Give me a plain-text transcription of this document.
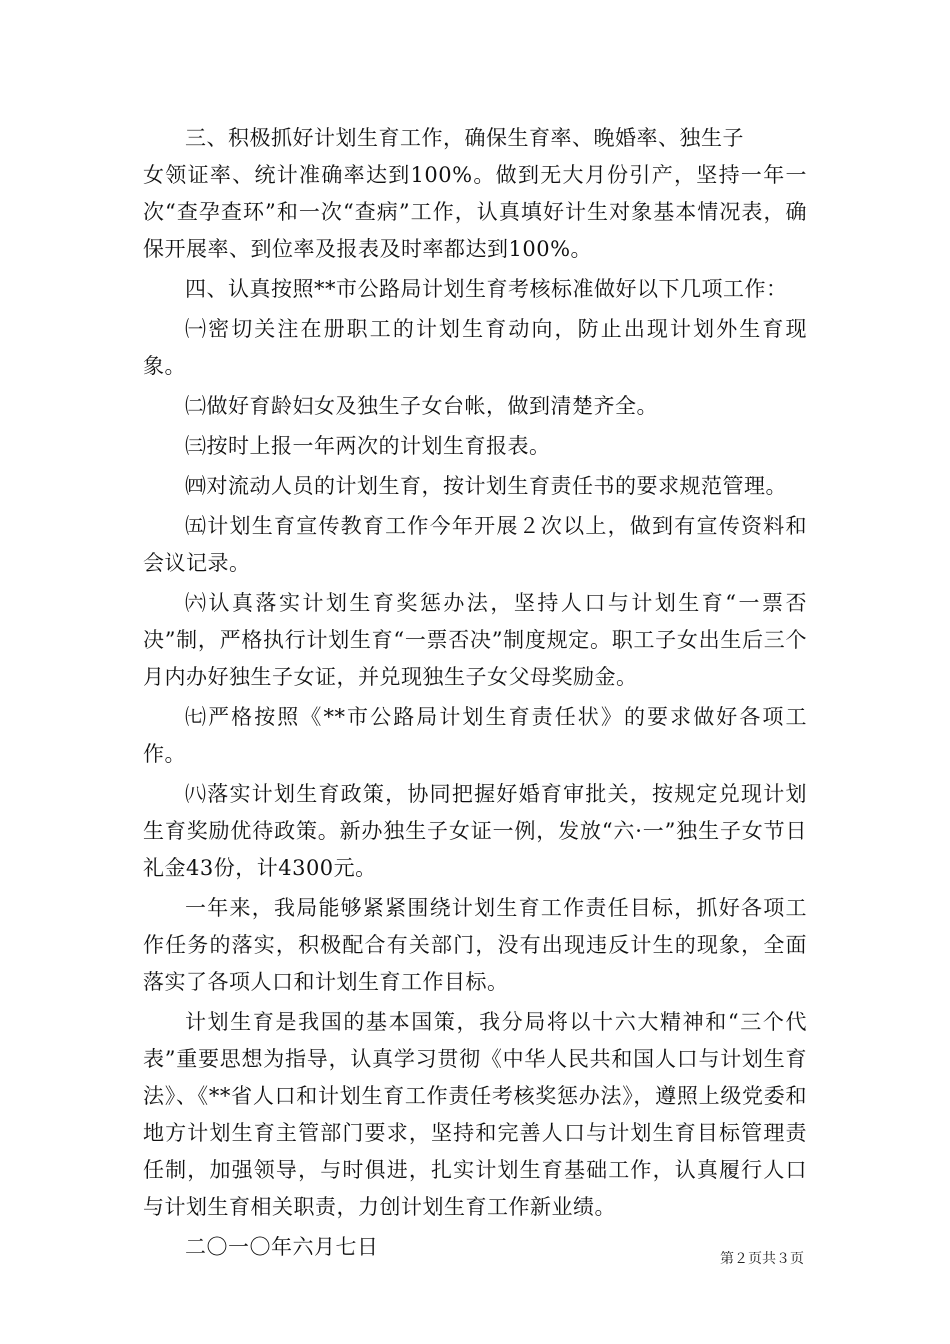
三、积极抓好计划生育工作，确保生育率、晚婚率、独生子

女领证率、统计准确率达到100%。做到无大月份引产，坚持一年一次“查孕查环”和一次“查病”工作，认真填好计生对象基本情况表，确保开展率、到位率及报表及时率都达到100%。

四、认真按照**市公路局计划生育考核标准做好以下几项工作：

㈠密切关注在册职工的计划生育动向，防止出现计划外生育现象。

㈡做好育龄妇女及独生子女台帐，做到清楚齐全。

㈢按时上报一年两次的计划生育报表。

㈣对流动人员的计划生育，按计划生育责任书的要求规范管理。

㈤计划生育宣传教育工作今年开展２次以上，做到有宣传资料和会议记录。

㈥认真落实计划生育奖惩办法，坚持人口与计划生育“一票否决”制，严格执行计划生育“一票否决”制度规定。职工子女出生后三个月内办好独生子女证，并兑现独生子女父母奖励金。

㈦严格按照《**市公路局计划生育责任状》的要求做好各项工作。

㈧落实计划生育政策，协同把握好婚育审批关，按规定兑现计划生育奖励优待政策。新办独生子女证一例，发放“六·一”独生子女节日礼金43份，计4300元。

一年来，我局能够紧紧围绕计划生育工作责任目标，抓好各项工作任务的落实，积极配合有关部门，没有出现违反计生的现象，全面落实了各项人口和计划生育工作目标。

计划生育是我国的基本国策，我分局将以十六大精神和“三个代表”重要思想为指导，认真学习贯彻《中华人民共和国人口与计划生育法》、《**省人口和计划生育工作责任考核奖惩办法》，遵照上级党委和地方计划生育主管部门要求，坚持和完善人口与计划生育目标管理责任制，加强领导，与时俱进，扎实计划生育基础工作，认真履行人口与计划生育相关职责，力创计划生育工作新业绩。

二〇一〇年六月七日	第２页共３页
